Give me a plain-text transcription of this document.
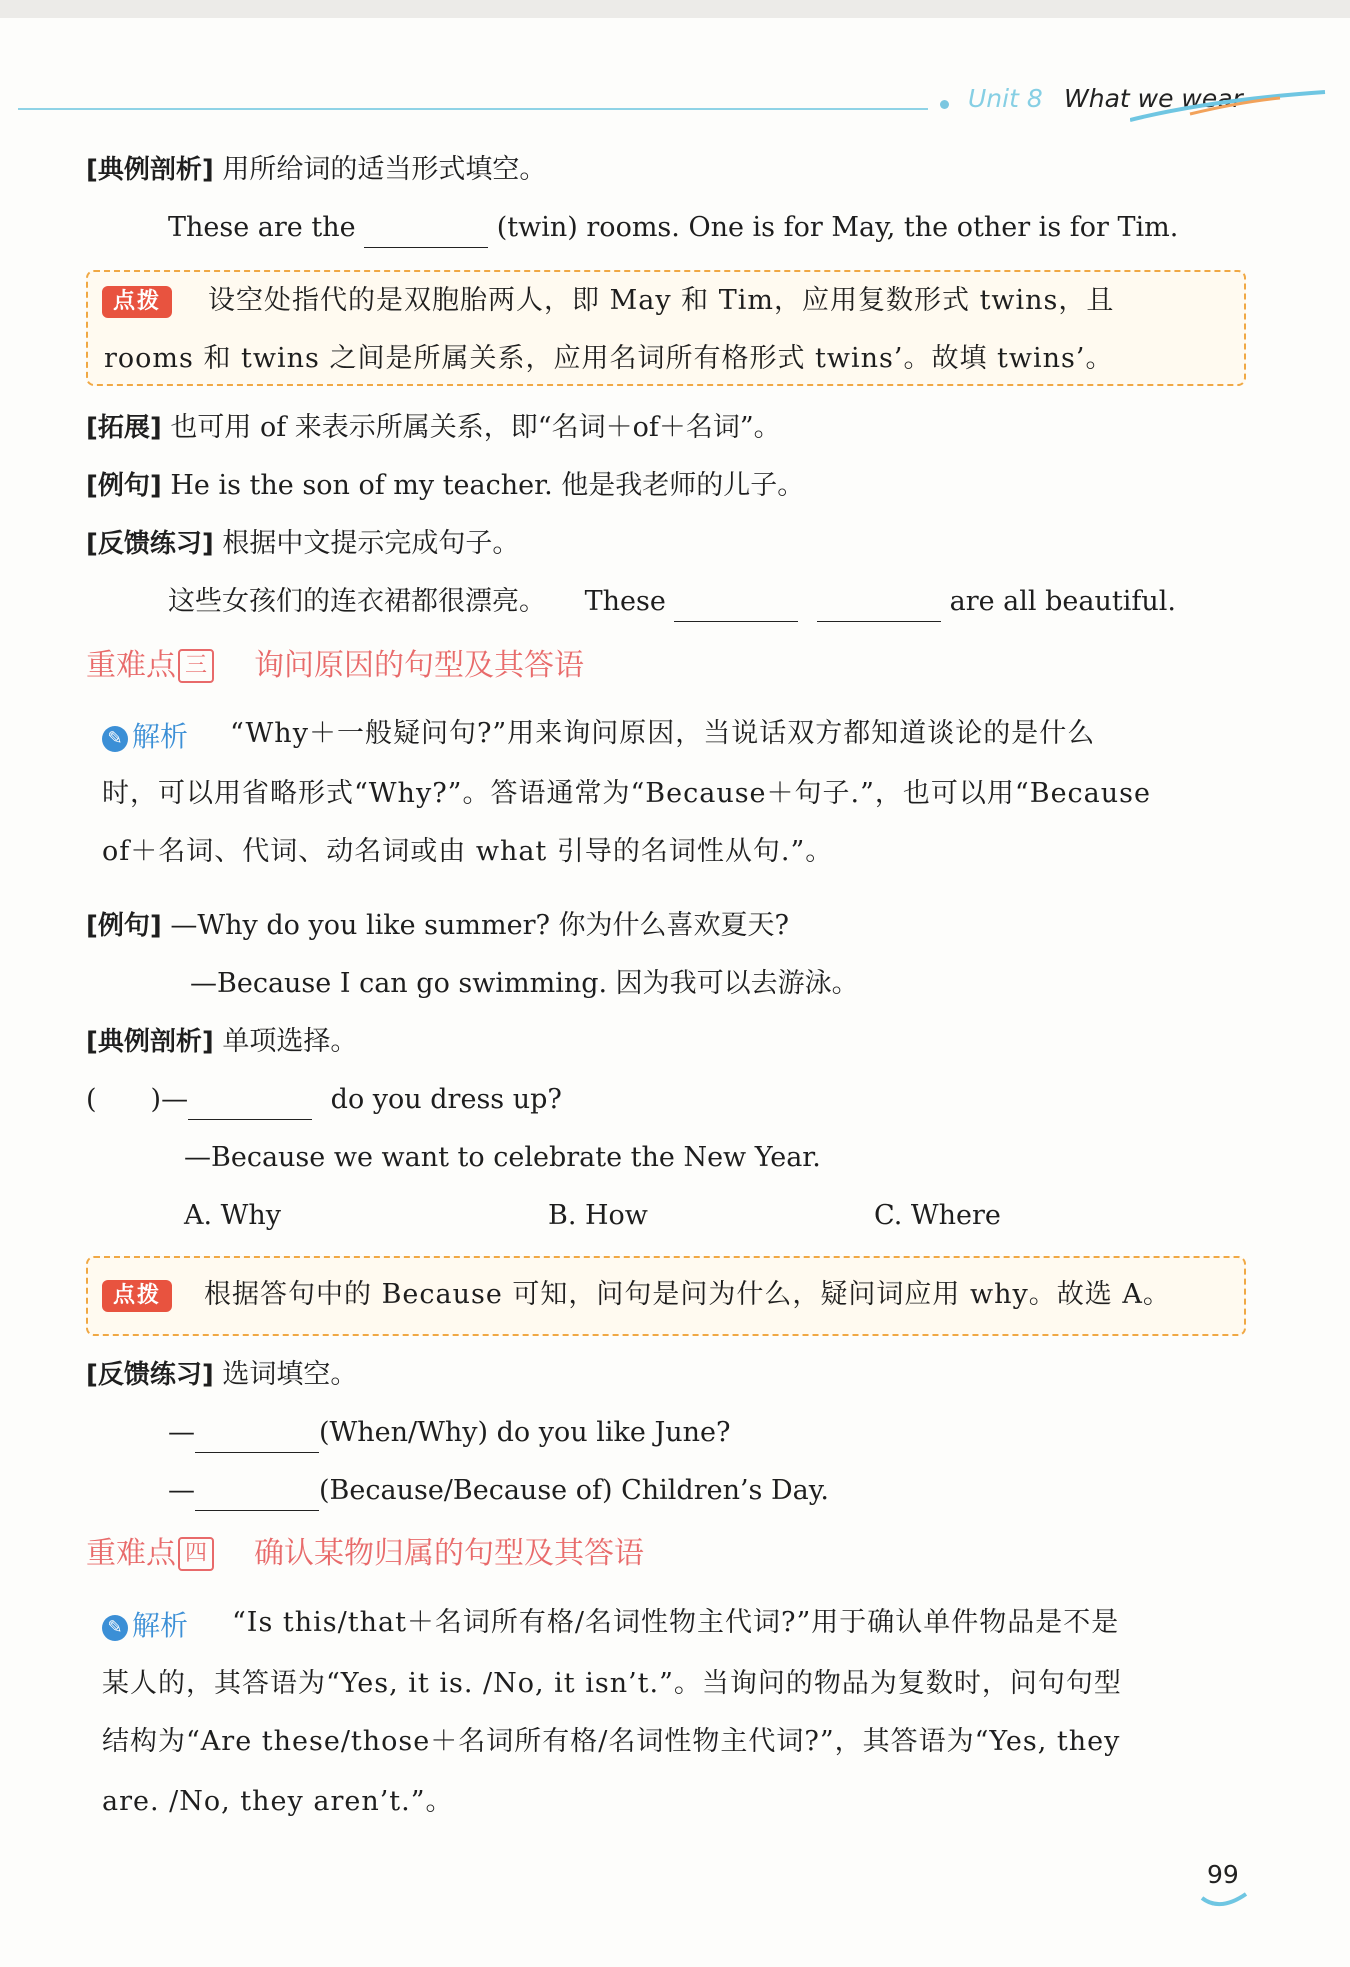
Unit 8 What we wear
[典例剖析] 用所给词的适当形式填空。
These are the	(twin) rooms. One is for May, the other is for Tim.
点拨	设空处指代的是双胞胎两人，即 May 和 Tim，应用复数形式 twins，且
rooms 和 twins 之间是所属关系，应用名词所有格形式 twins’。故填 twins’。
[拓展] 也可用 of 来表示所属关系，即“名词＋of＋名词”。
[例句] He is the son of my teacher. 他是我老师的儿子。
[反馈练习] 根据中文提示完成句子。
这些女孩们的连衣裙都很漂亮。 These	are all beautiful.
重难点 三 询问原因的句型及其答语
✎ 解析 “Why＋一般疑问句?”用来询问原因，当说话双方都知道谈论的是什么
时，可以用省略形式“Why?”。答语通常为“Because＋句子.”，也可以用“Because
of＋名词、代词、动名词或由 what 引导的名词性从句.”。
[例句] —Why do you like summer? 你为什么喜欢夏天?
—Because I can go swimming. 因为我可以去游泳。
[典例剖析] 单项选择。
(　　)—	do you dress up?
—Because we want to celebrate the New Year.
A. Why	B. How	C. Where
点拨	根据答句中的 Because 可知，问句是问为什么，疑问词应用 why。故选 A。
[反馈练习] 选词填空。
—	(When/Why) do you like June?
—	(Because/Because of) Children’s Day.
重难点 四 确认某物归属的句型及其答语
✎ 解析 “Is this/that＋名词所有格/名词性物主代词?”用于确认单件物品是不是
某人的，其答语为“Yes, it is. /No, it isn’t.”。当询问的物品为复数时，问句句型
结构为“Are these/those＋名词所有格/名词性物主代词?”，其答语为“Yes, they
are. /No, they aren’t.”。
99
